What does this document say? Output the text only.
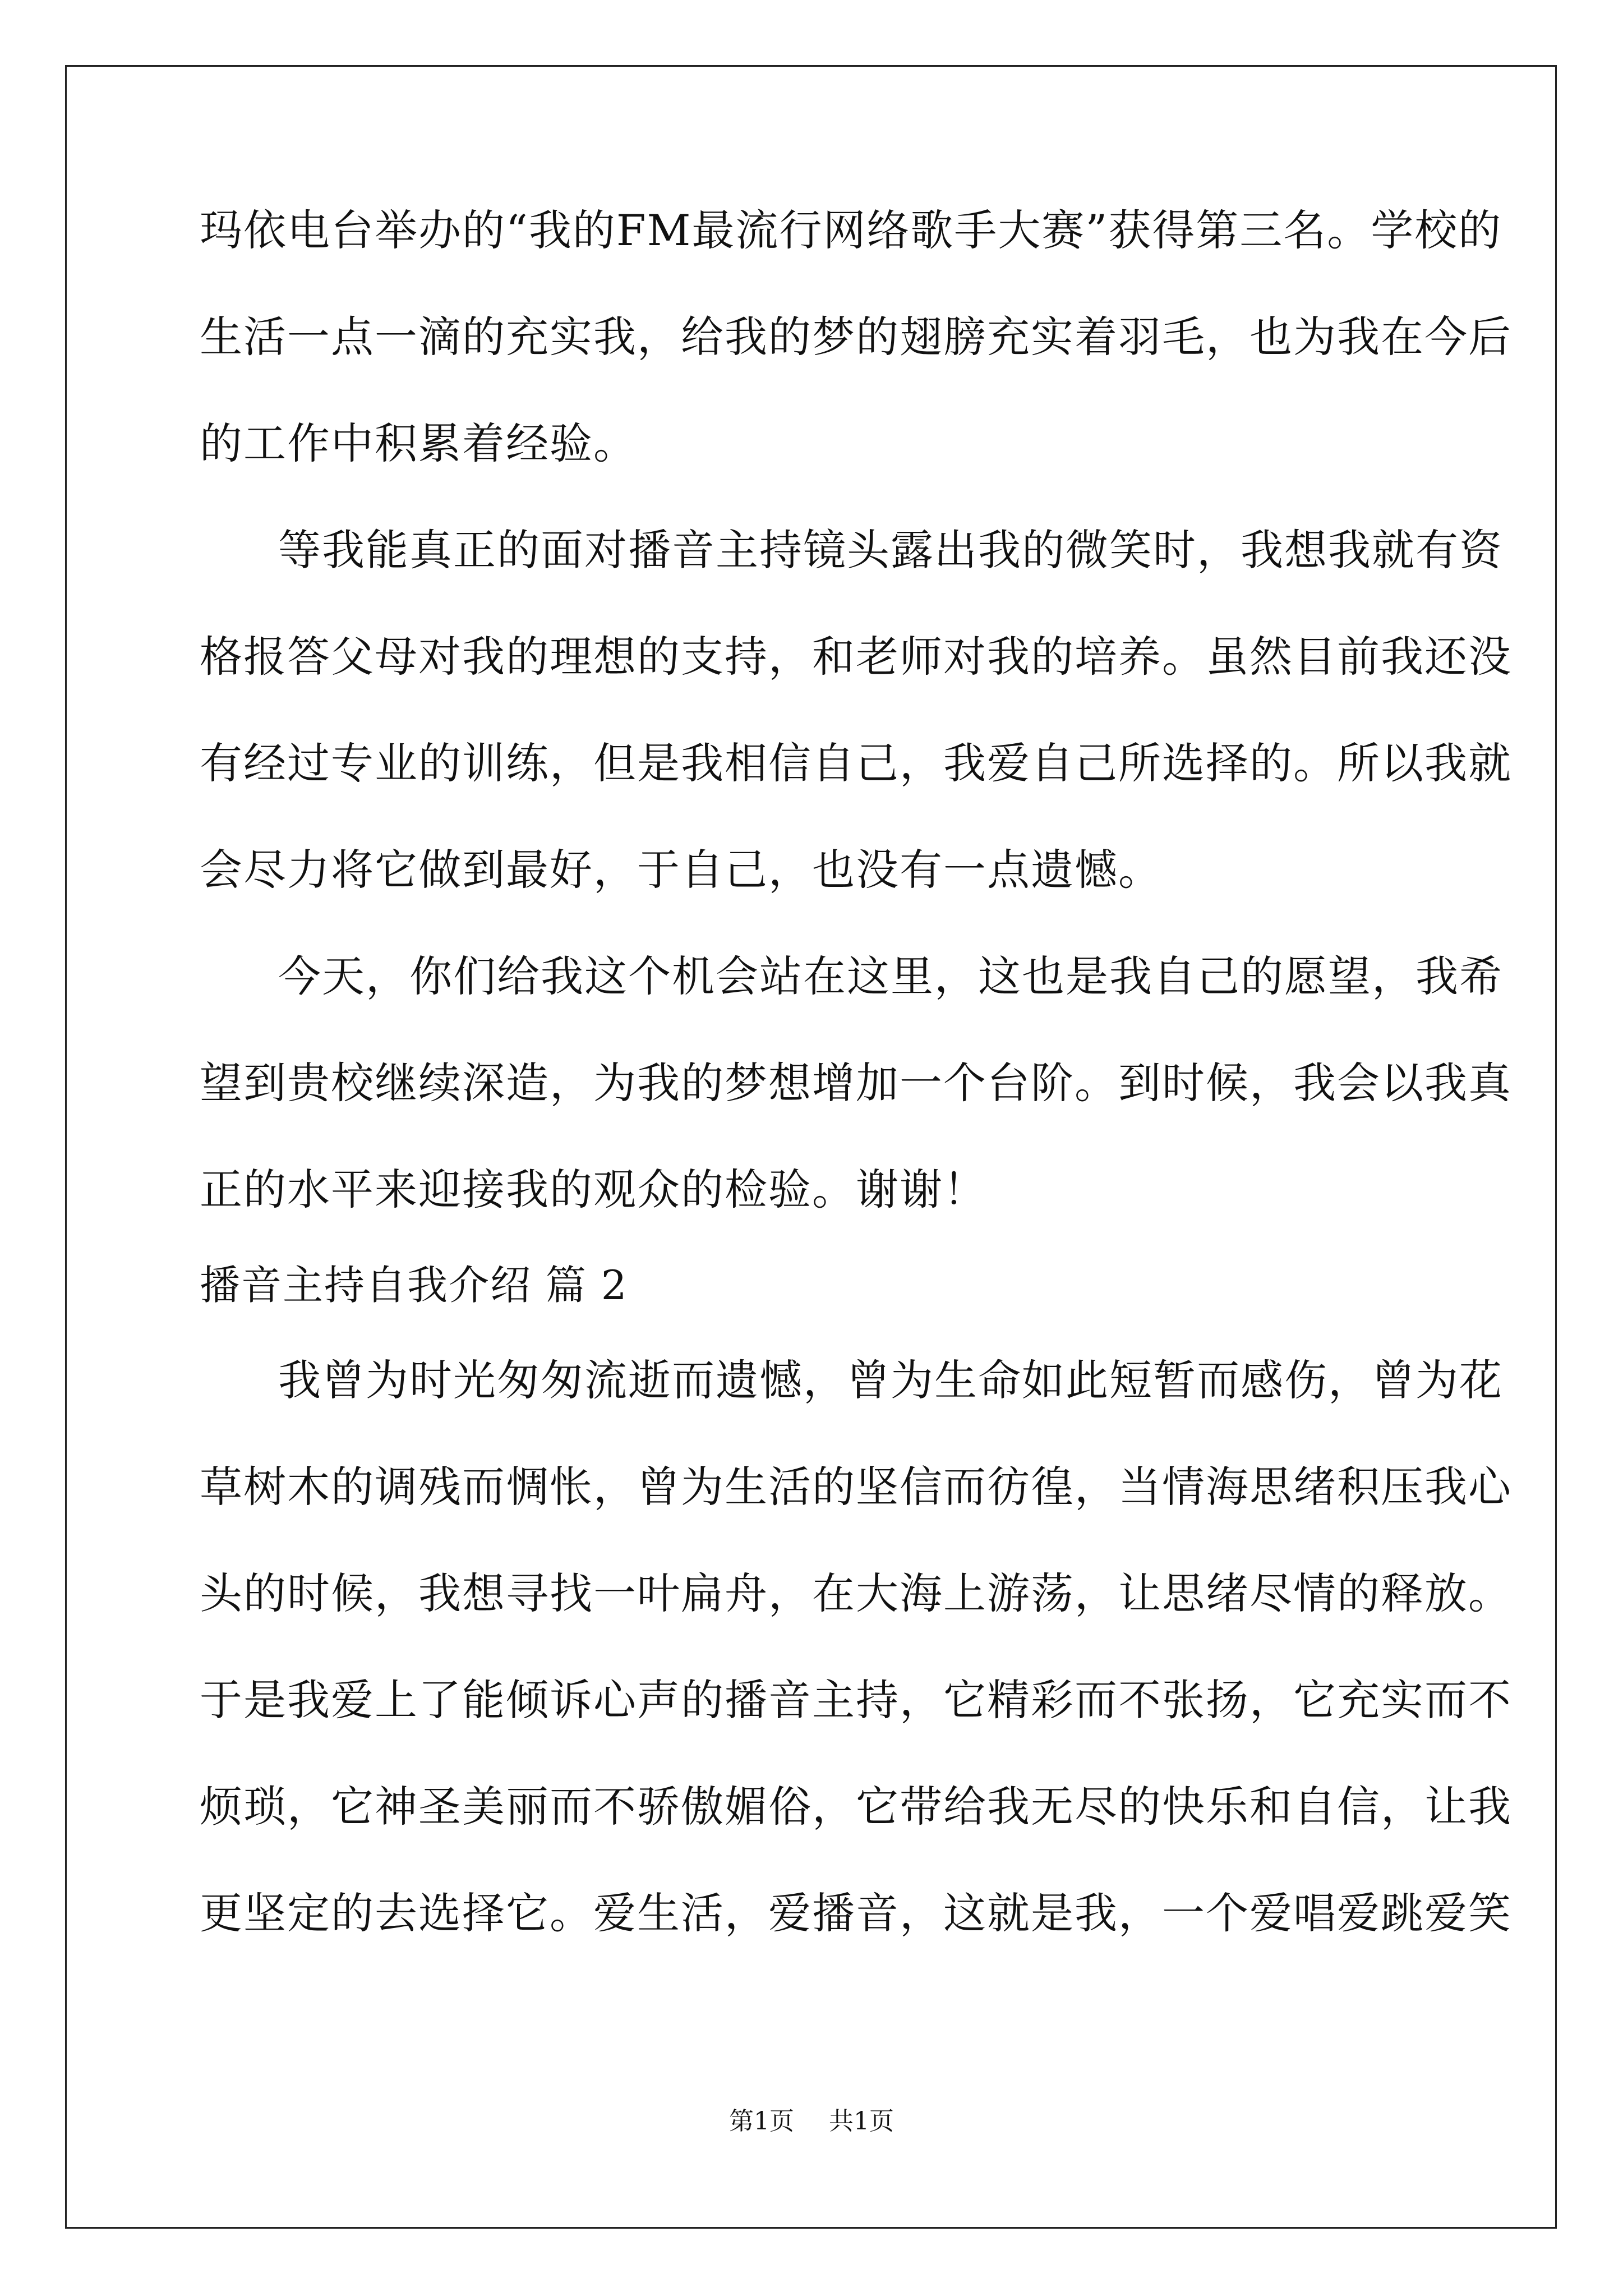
玛依电台举办的“我的FM最流行网络歌手大赛”获得第三名。学校的
生活一点一滴的充实我，给我的梦的翅膀充实着羽毛，也为我在今后
的工作中积累着经验。
等我能真正的面对播音主持镜头露出我的微笑时，我想我就有资
格报答父母对我的理想的支持，和老师对我的培养。虽然目前我还没
有经过专业的训练，但是我相信自己，我爱自己所选择的。所以我就
会尽力将它做到最好，于自己，也没有一点遗憾。
今天，你们给我这个机会站在这里，这也是我自己的愿望，我希
望到贵校继续深造，为我的梦想增加一个台阶。到时候，我会以我真
正的水平来迎接我的观众的检验。谢谢！
播音主持自我介绍 篇 2
我曾为时光匆匆流逝而遗憾，曾为生命如此短暂而感伤，曾为花
草树木的调残而惆怅，曾为生活的坚信而彷徨，当情海思绪积压我心
头的时候，我想寻找一叶扁舟，在大海上游荡，让思绪尽情的释放。
于是我爱上了能倾诉心声的播音主持，它精彩而不张扬，它充实而不
烦琐，它神圣美丽而不骄傲媚俗，它带给我无尽的快乐和自信，让我
更坚定的去选择它。爱生活，爱播音，这就是我，一个爱唱爱跳爱笑
第1页 共1页
